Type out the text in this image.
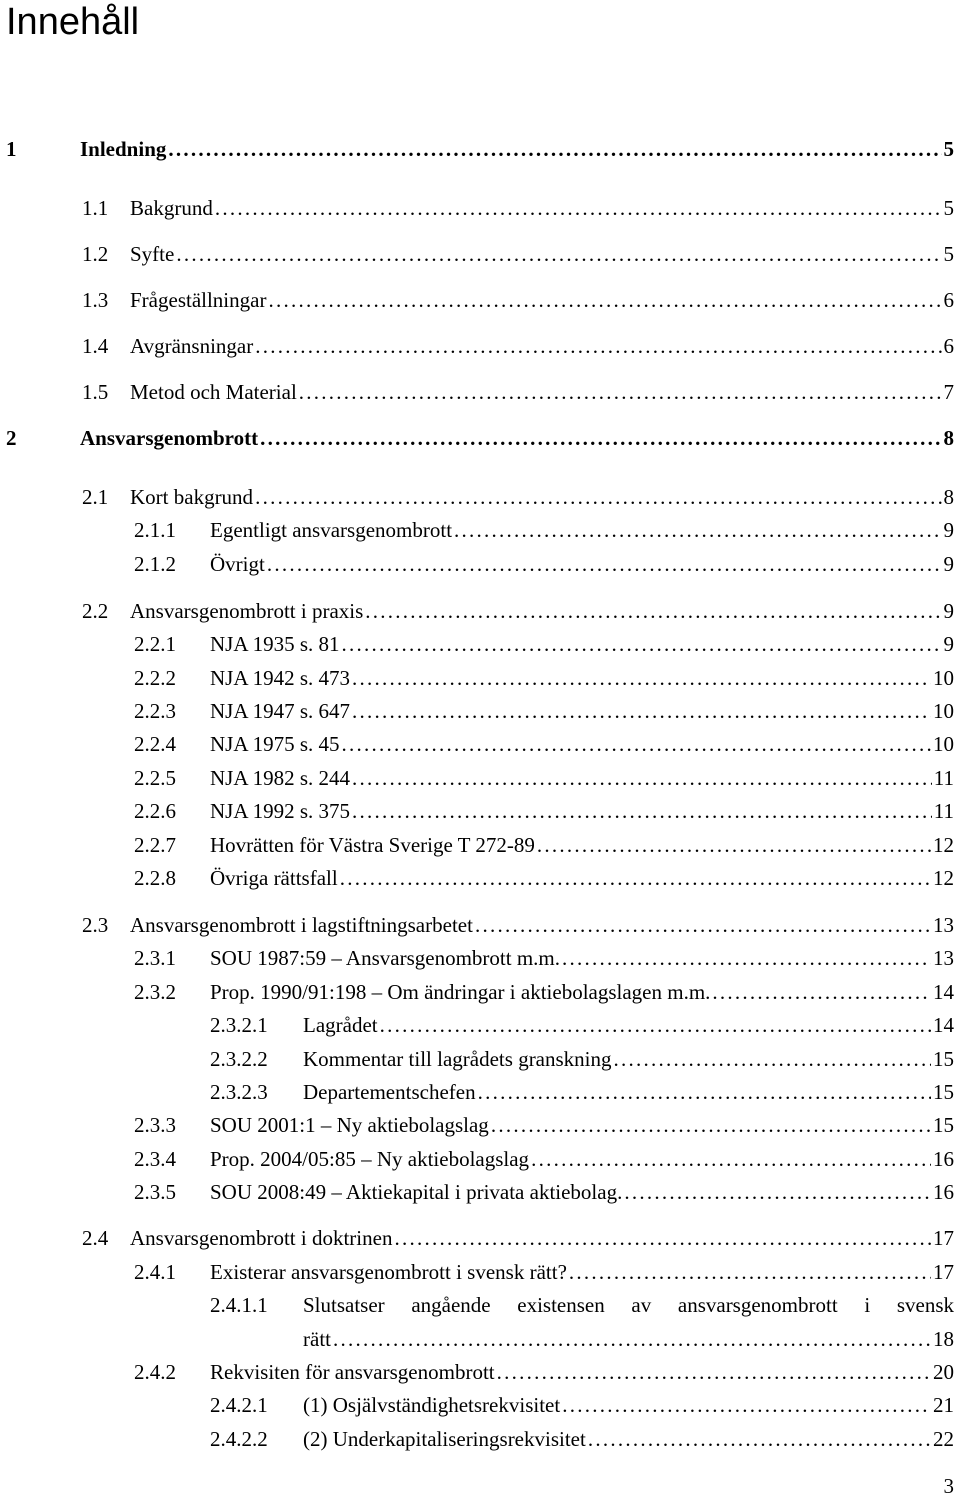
Innehåll
1	Inledning . . .	5
1.1	Bakgrund . . .	5
1.2	Syfte . . .	5
1.3	Frågeställningar . . .	6
1.4	Avgränsningar . . .	6
1.5	Metod och Material . . .	7
2	Ansvarsgenombrott . . .	8
2.1	Kort bakgrund . . .	8
2.1.1	Egentligt ansvarsgenombrott . . .	9
2.1.2	Övrigt . . .	9
2.2	Ansvarsgenombrott i praxis . . .	9
2.2.1	NJA 1935 s. 81 . . .	9
2.2.2	NJA 1942 s. 473 . . .	10
2.2.3	NJA 1947 s. 647 . . .	10
2.2.4	NJA 1975 s. 45 . . .	10
2.2.5	NJA 1982 s. 244 . . .	11
2.2.6	NJA 1992 s. 375 . . .	11
2.2.7	Hovrätten för Västra Sverige T 272-89 . . .	12
2.2.8	Övriga rättsfall . . .	12
2.3	Ansvarsgenombrott i lagstiftningsarbetet . . .	13
2.3.1	SOU 1987:59 – Ansvarsgenombrott m.m. . . .	13
2.3.2	Prop. 1990/91:198 – Om ändringar i aktiebolagslagen m.m. . . .	14
2.3.2.1	Lagrådet . . .	14
2.3.2.2	Kommentar till lagrådets granskning . . .	15
2.3.2.3	Departementschefen . . .	15
2.3.3	SOU 2001:1 – Ny aktiebolagslag . . .	15
2.3.4	Prop. 2004/05:85 – Ny aktiebolagslag . . .	16
2.3.5	SOU 2008:49 – Aktiekapital i privata aktiebolag. . . .	16
2.4	Ansvarsgenombrott i doktrinen . . .	17
2.4.1	Existerar ansvarsgenombrott i svensk rätt? . . .	17
2.4.1.1	Slutsatser angående existensen av ansvarsgenombrott i svensk
rätt . . .	18
2.4.2	Rekvisiten för ansvarsgenombrott . . .	20
2.4.2.1	(1) Osjälvständighetsrekvisitet . . .	21
2.4.2.2	(2) Underkapitaliseringsrekvisitet . . .	22
3
